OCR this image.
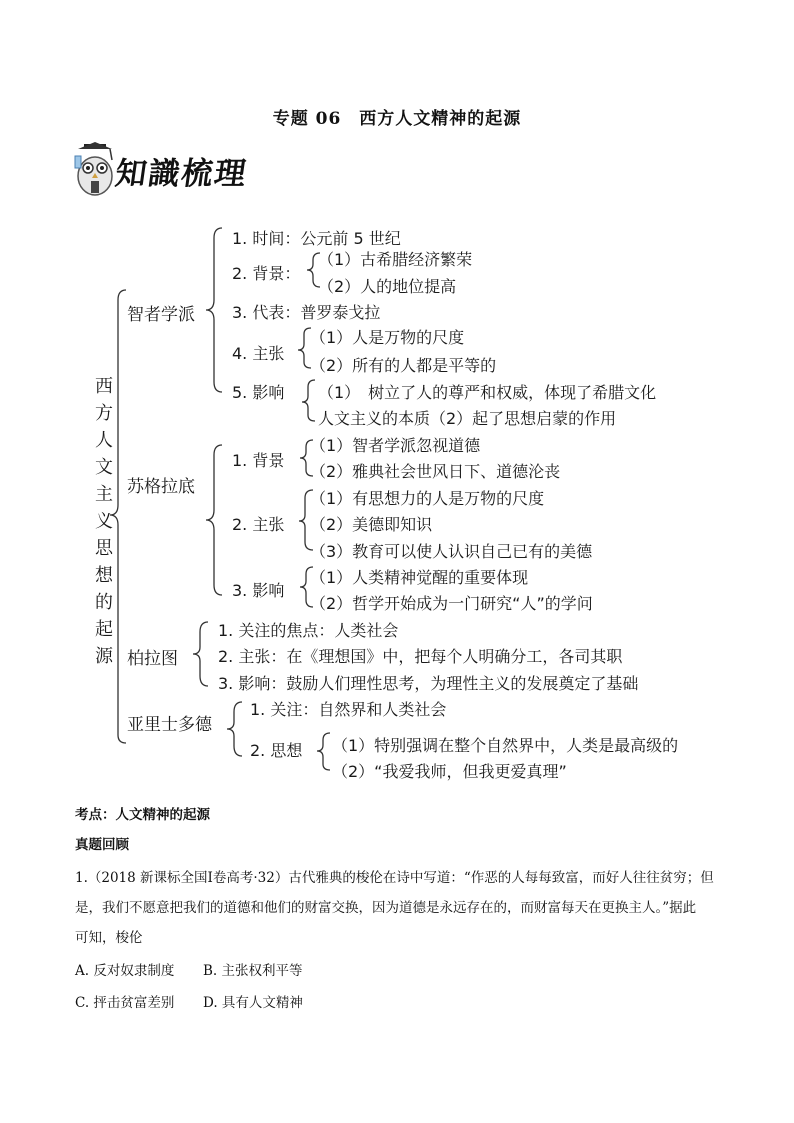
专题 06　西方人文精神的起源
知識梳理
西方人文主义思想的起源
智者学派
1. 时间：公元前 5 世纪
2. 背景：
（1）古希腊经济繁荣
（2）人的地位提高
3. 代表：普罗泰戈拉
4. 主张
（1）人是万物的尺度
（2）所有的人都是平等的
5. 影响 （1）　树立了人的尊严和权威，体现了希腊文化
人文主义的本质（2）起了思想启蒙的作用
苏格拉底
1. 背景
（1）智者学派忽视道德
（2）雅典社会世风日下、道德沦丧
2. 主张
（1）有思想力的人是万物的尺度
（2）美德即知识
（3）教育可以使人认识自己已有的美德
3. 影响
（1）人类精神觉醒的重要体现
（2）哲学开始成为一门研究“人”的学问
柏拉图
1. 关注的焦点：人类社会
2. 主张：在《理想国》中，把每个人明确分工，各司其职
3. 影响：鼓励人们理性思考，为理性主义的发展奠定了基础
亚里士多德
1. 关注：自然界和人类社会
2. 思想 （1）特别强调在整个自然界中，人类是最高级的
（2）“我爱我师，但我更爱真理”
考点：人文精神的起源
真题回顾
1.（2018 新课标全国Ⅰ卷高考·32）古代雅典的梭伦在诗中写道：“作恶的人每每致富，而好人往往贫穷；但
是，我们不愿意把我们的道德和他们的财富交换，因为道德是永远存在的，而财富每天在更换主人。”据此
可知，梭伦
A. 反对奴隶制度 B. 主张权利平等
C. 抨击贫富差别 D. 具有人文精神
